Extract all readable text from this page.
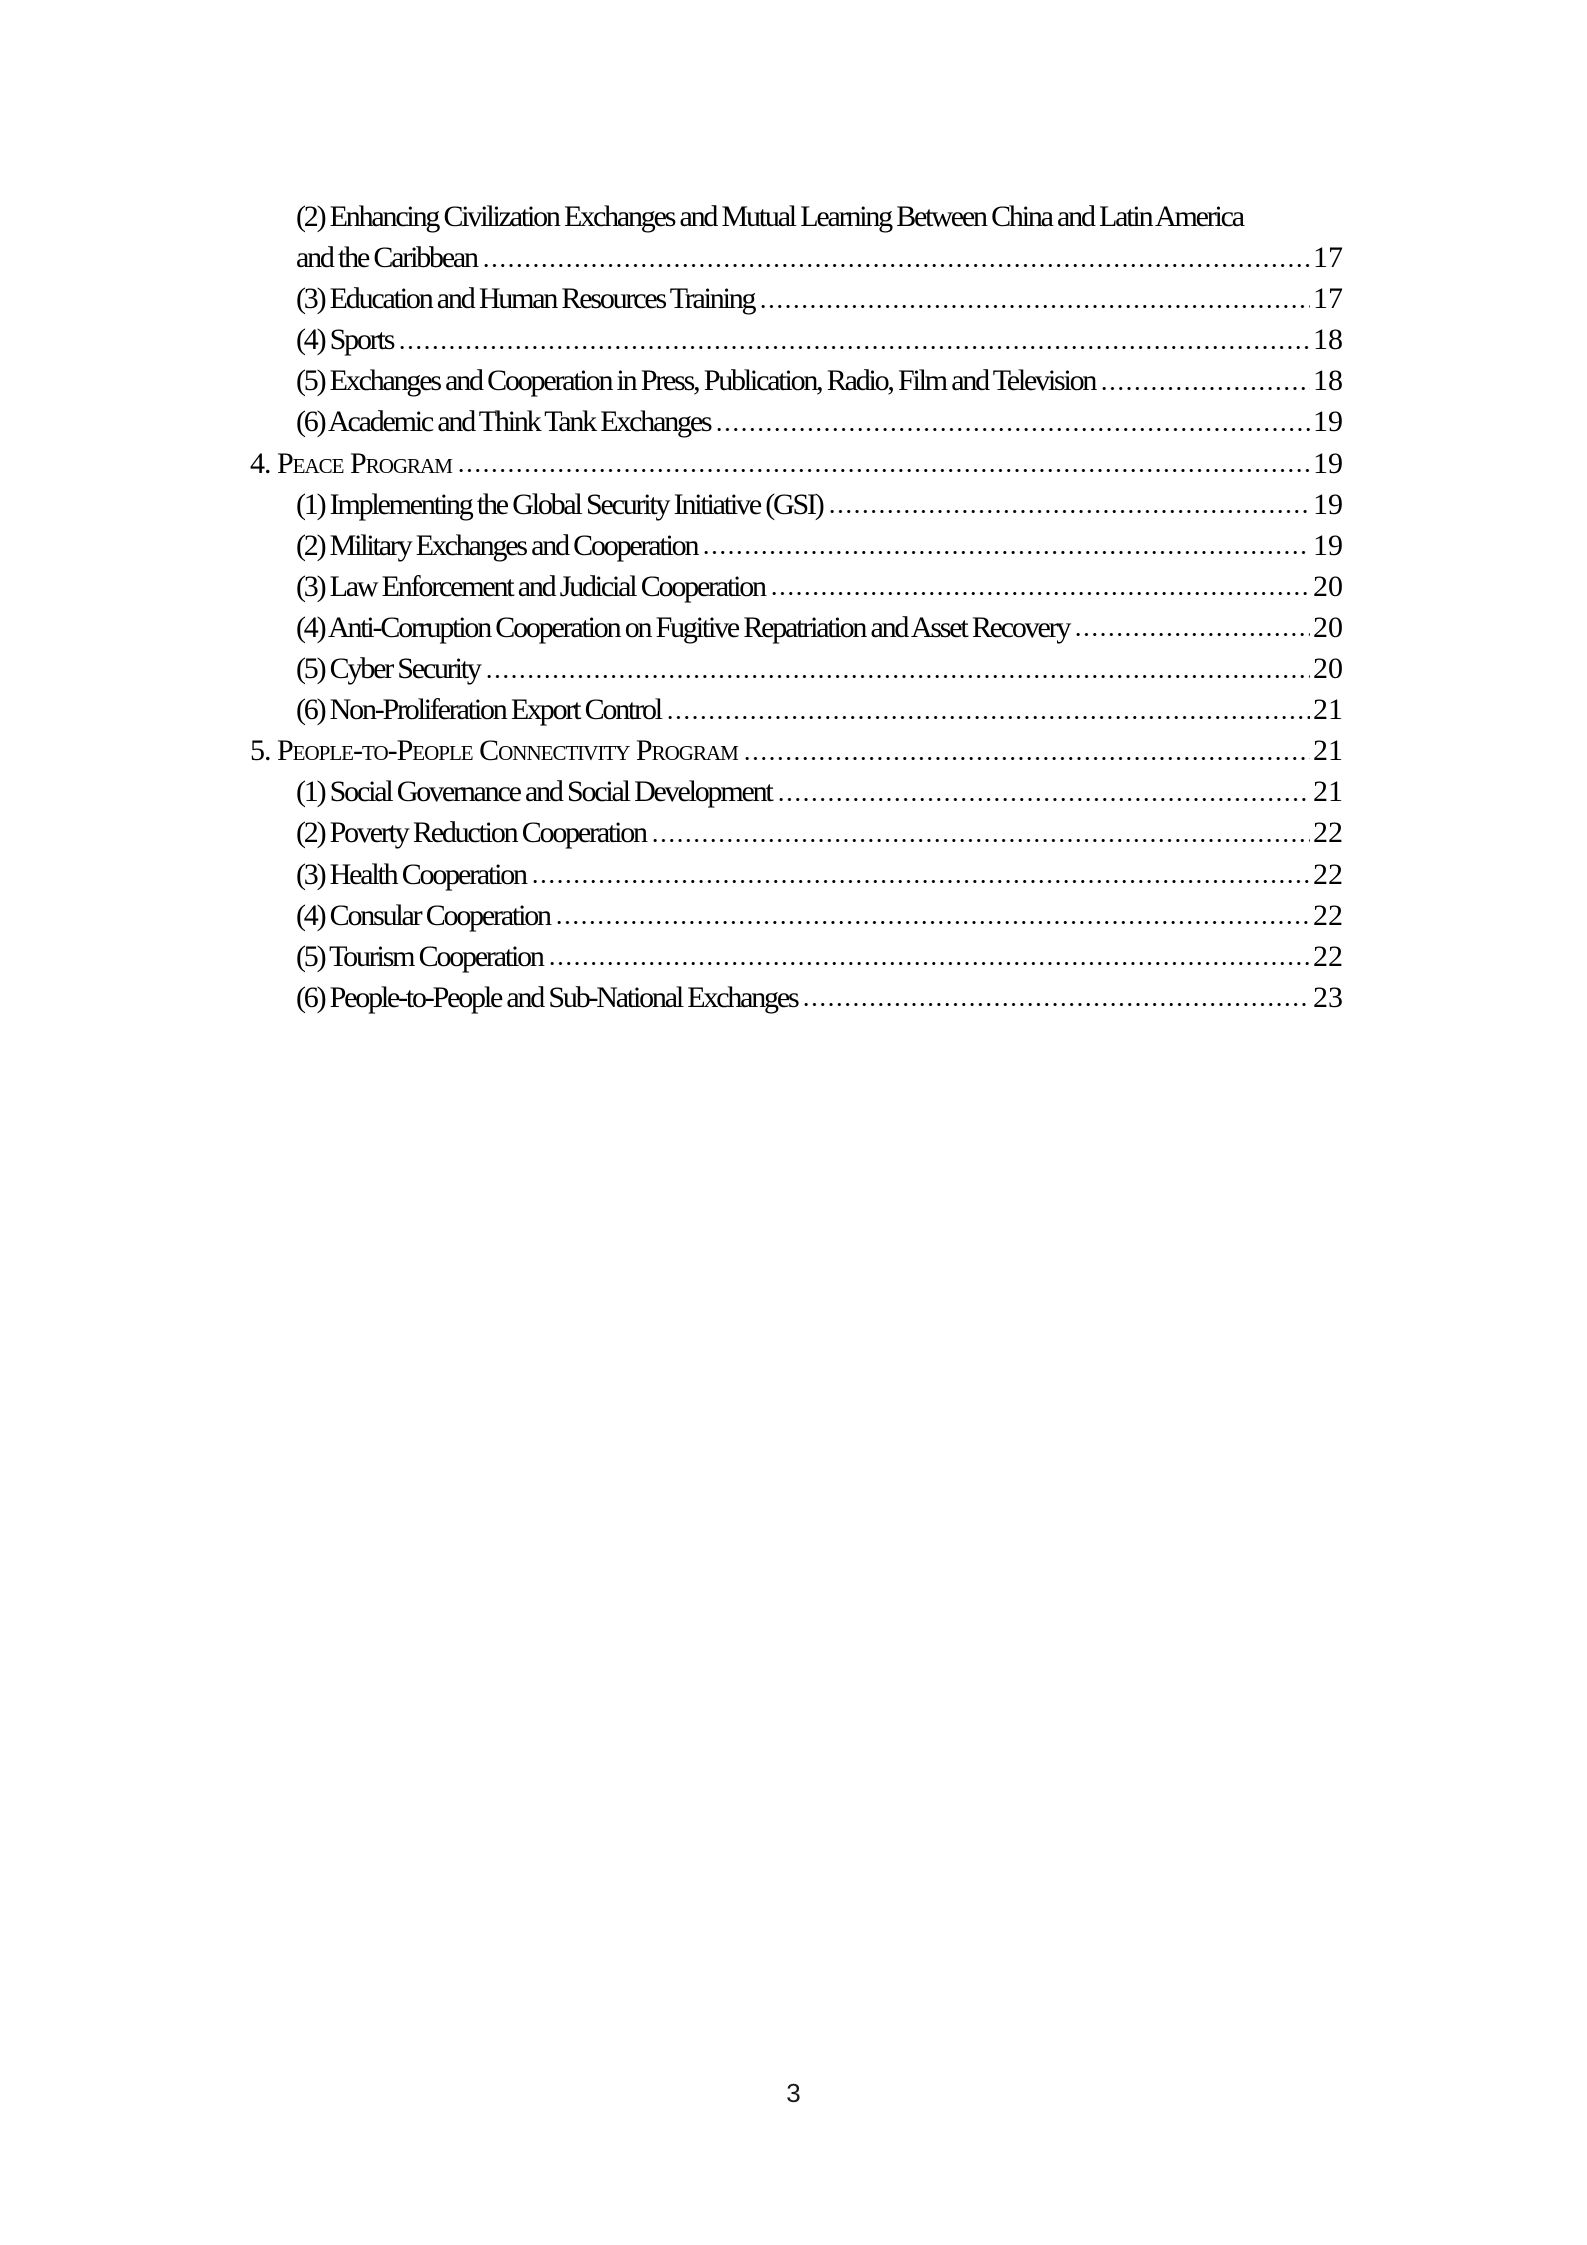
(2) Enhancing Civilization Exchanges and Mutual Learning Between China and Latin America
and the Caribbean	17
(3) Education and Human Resources Training	17
(4) Sports	18
(5) Exchanges and Cooperation in Press, Publication, Radio, Film and Television	18
(6) Academic and Think Tank Exchanges	19
4. Peace Program	19
(1) Implementing the Global Security Initiative (GSI)	19
(2) Military Exchanges and Cooperation	19
(3) Law Enforcement and Judicial Cooperation	20
(4) Anti-Corruption Cooperation on Fugitive Repatriation and Asset Recovery	20
(5) Cyber Security	20
(6) Non-Proliferation Export Control	21
5. People-to-People Connectivity Program	21
(1) Social Governance and Social Development	21
(2) Poverty Reduction Cooperation	22
(3) Health Cooperation	22
(4) Consular Cooperation	22
(5) Tourism Cooperation	22
(6) People-to-People and Sub-National Exchanges	23
3
